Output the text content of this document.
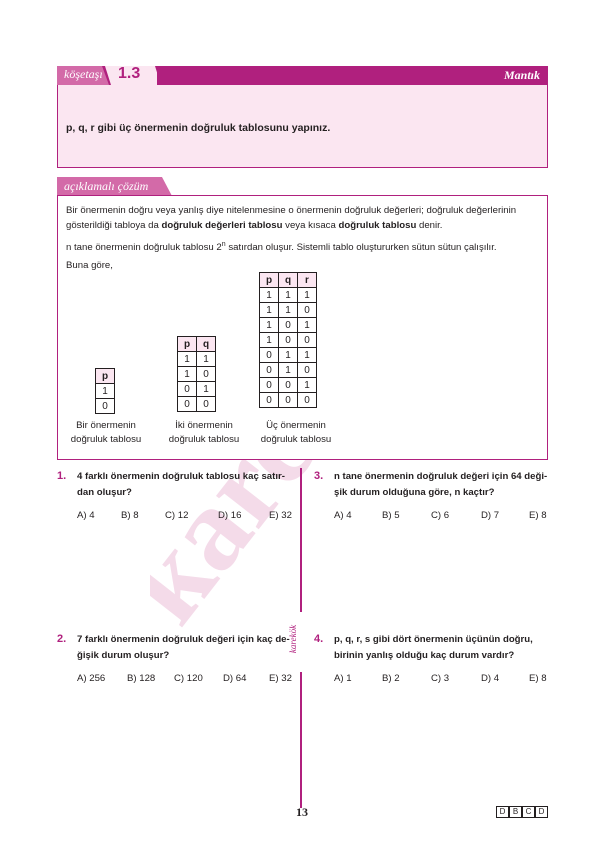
köşetaşı 1.3	Mantık
p, q, r gibi üç önermenin doğruluk tablosunu yapınız.
açıklamalı çözüm
Bir önermenin doğru veya yanlış diye nitelenmesine o önermenin doğruluk değerleri; doğruluk değerlerinin
gösterildiği tabloya da doğruluk değerleri tablosu veya kısaca doğruluk tablosu denir.
n tane önermenin doğruluk tablosu 2$^n$ satırdan oluşur. Sistemli tablo oluştururken sütun sütun çalışılır.
Buna göre,
p
1
0
p	q
1	1
1	0
0	1
0	0
p	q	r
1	1	1
1	1	0
1	0	1
1	0	0
0	1	1
0	1	0
0	0	1
0	0	0
Bir önermenin
doğruluk tablosu
İki önermenin
doğruluk tablosu
Üç önermenin
doğruluk tablosu
1. 4 farklı önermenin doğruluk tablosu kaç satır-
dan oluşur?
A) 4	B) 8	C) 12	D) 16	E) 32
2. 7 farklı önermenin doğruluk değeri için kaç de-
ğişik durum oluşur?
A) 256 B) 128 C) 120 D) 64 E) 32
3. n tane önermenin doğruluk değeri için 64 deği-
şik durum olduğuna göre, n kaçtır?
A) 4	B) 5	C) 6	D) 7	E) 8
4. p, q, r, s gibi dört önermenin üçünün doğru,
birinin yanlış olduğu kaç durum vardır?
A) 1	B) 2	C) 3	D) 4	E) 8
karekök
13	D B C D
